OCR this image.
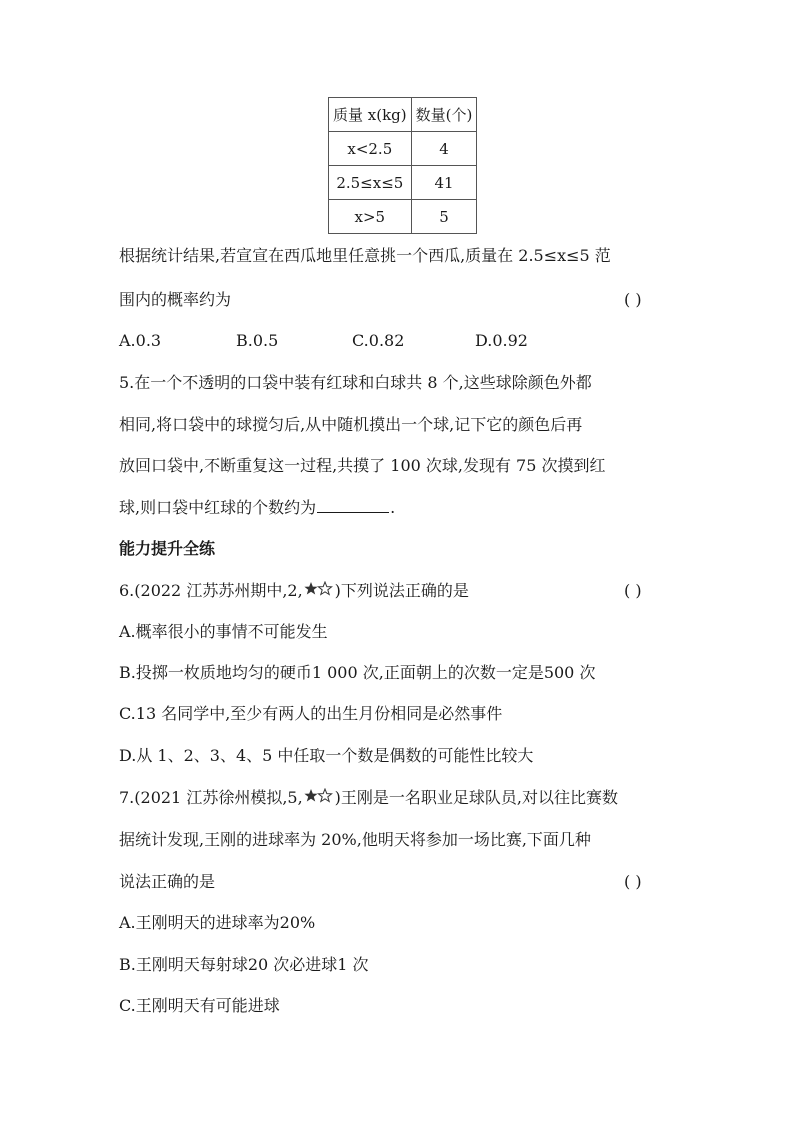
质量 x(kg)	数量(个)
x<2.5	4
2.5≤x≤5	41
x>5	5
根据统计结果,若宣宣在西瓜地里任意挑一个西瓜,质量在 2.5≤x≤5 范
围内的概率约为	( )
A.0.3	B.0.5	C.0.82	D.0.92
5.在一个不透明的口袋中装有红球和白球共 8 个,这些球除颜色外都
相同,将口袋中的球搅匀后,从中随机摸出一个球,记下它的颜色后再
放回口袋中,不断重复这一过程,共摸了 100 次球,发现有 75 次摸到红
球,则口袋中红球的个数约为	.
能力提升全练
6.(2022 江苏苏州期中,2, )下列说法正确的是	( )
A.概率很小的事情不可能发生
B.投掷一枚质地均匀的硬币1 000 次,正面朝上的次数一定是500 次
C.13 名同学中,至少有两人的出生月份相同是必然事件
D.从 1、2、3、4、5 中任取一个数是偶数的可能性比较大
7.(2021 江苏徐州模拟,5, )王刚是一名职业足球队员,对以往比赛数
据统计发现,王刚的进球率为 20%,他明天将参加一场比赛,下面几种
说法正确的是	( )
A.王刚明天的进球率为20%
B.王刚明天每射球20 次必进球1 次
C.王刚明天有可能进球
